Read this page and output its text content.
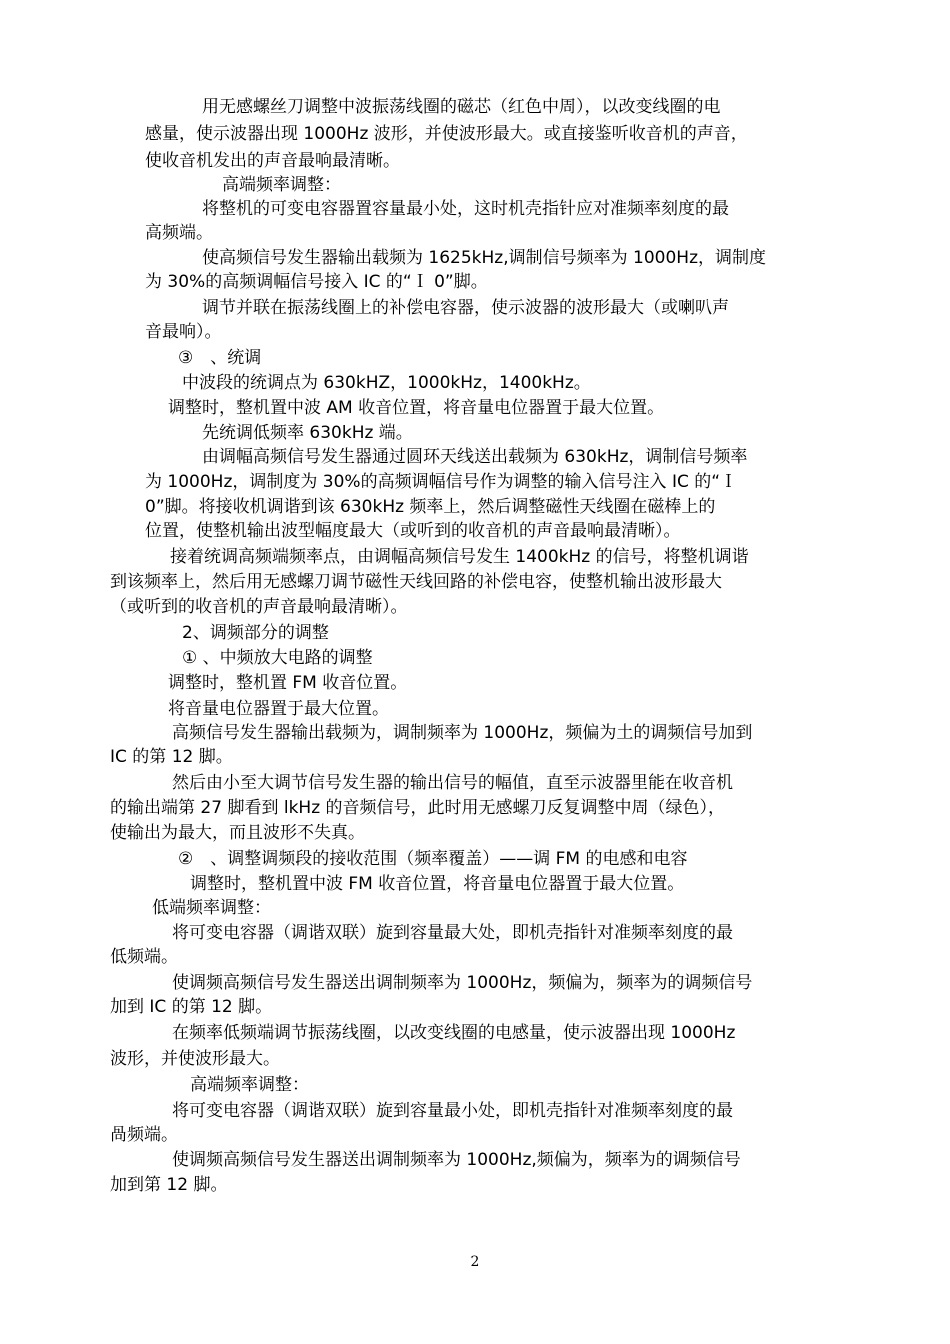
用无感螺丝刀调整中波振荡线圈的磁芯（红色中周），以改变线圈的电
感量，使示波器出现 1000Hz 波形，并使波形最大。或直接鉴听收音机的声音，
使收音机发出的声音最响最清晰。
高端频率调整：
将整机的可变电容器置容量最小处，这时机壳指针应对准频率刻度的最
高频端。
使高频信号发生器输出载频为 1625kHz,调制信号频率为 1000Hz，调制度
为 30%的高频调幅信号接入 IC 的“Ｉ 0”脚。
调节并联在振荡线圈上的补偿电容器，使示波器的波形最大（或喇叭声
音最响）。
③　、统调
中波段的统调点为 630kHZ，1000kHz，1400kHz。
调整时，整机置中波 AM 收音位置，将音量电位器置于最大位置。
先统调低频率 630kHz 端。
由调幅高频信号发生器通过圆环天线送出载频为 630kHz，调制信号频率
为 1000Hz，调制度为 30%的高频调幅信号作为调整的输入信号注入 IC 的“Ｉ
0”脚。将接收机调谐到该 630kHz 频率上，然后调整磁性天线圈在磁棒上的
位置，使整机输出波型幅度最大（或听到的收音机的声音最响最清晰）。
接着统调高频端频率点，由调幅高频信号发生 1400kHz 的信号，将整机调谐
到该频率上，然后用无感螺刀调节磁性天线回路的补偿电容，使整机输出波形最大
（或听到的收音机的声音最响最清晰）。
2、调频部分的调整
① 、中频放大电路的调整
调整时，整机置 FM 收音位置。
将音量电位器置于最大位置。
高频信号发生器输出载频为，调制频率为 1000Hz，频偏为土的调频信号加到
IC 的第 12 脚。
然后由小至大调节信号发生器的输出信号的幅值，直至示波器里能在收音机
的输出端第 27 脚看到 lkHz 的音频信号，此时用无感螺刀反复调整中周（绿色），
使输出为最大，而且波形不失真。
②　、调整调频段的接收范围（频率覆盖）——调 FM 的电感和电容
调整时，整机置中波 FM 收音位置，将音量电位器置于最大位置。
低端频率调整：
将可变电容器（调谐双联）旋到容量最大处，即机壳指针对准频率刻度的最
低频端。
使调频高频信号发生器送出调制频率为 1000Hz，频偏为，频率为的调频信号
加到 IC 的第 12 脚。
在频率低频端调节振荡线圈，以改变线圈的电感量，使示波器出现 1000Hz
波形，并使波形最大。
高端频率调整：
将可变电容器（调谐双联）旋到容量最小处，即机壳指针对准频率刻度的最
咼频端。
使调频高频信号发生器送出调制频率为 1000Hz,频偏为，频率为的调频信号
加到第 12 脚。
2
